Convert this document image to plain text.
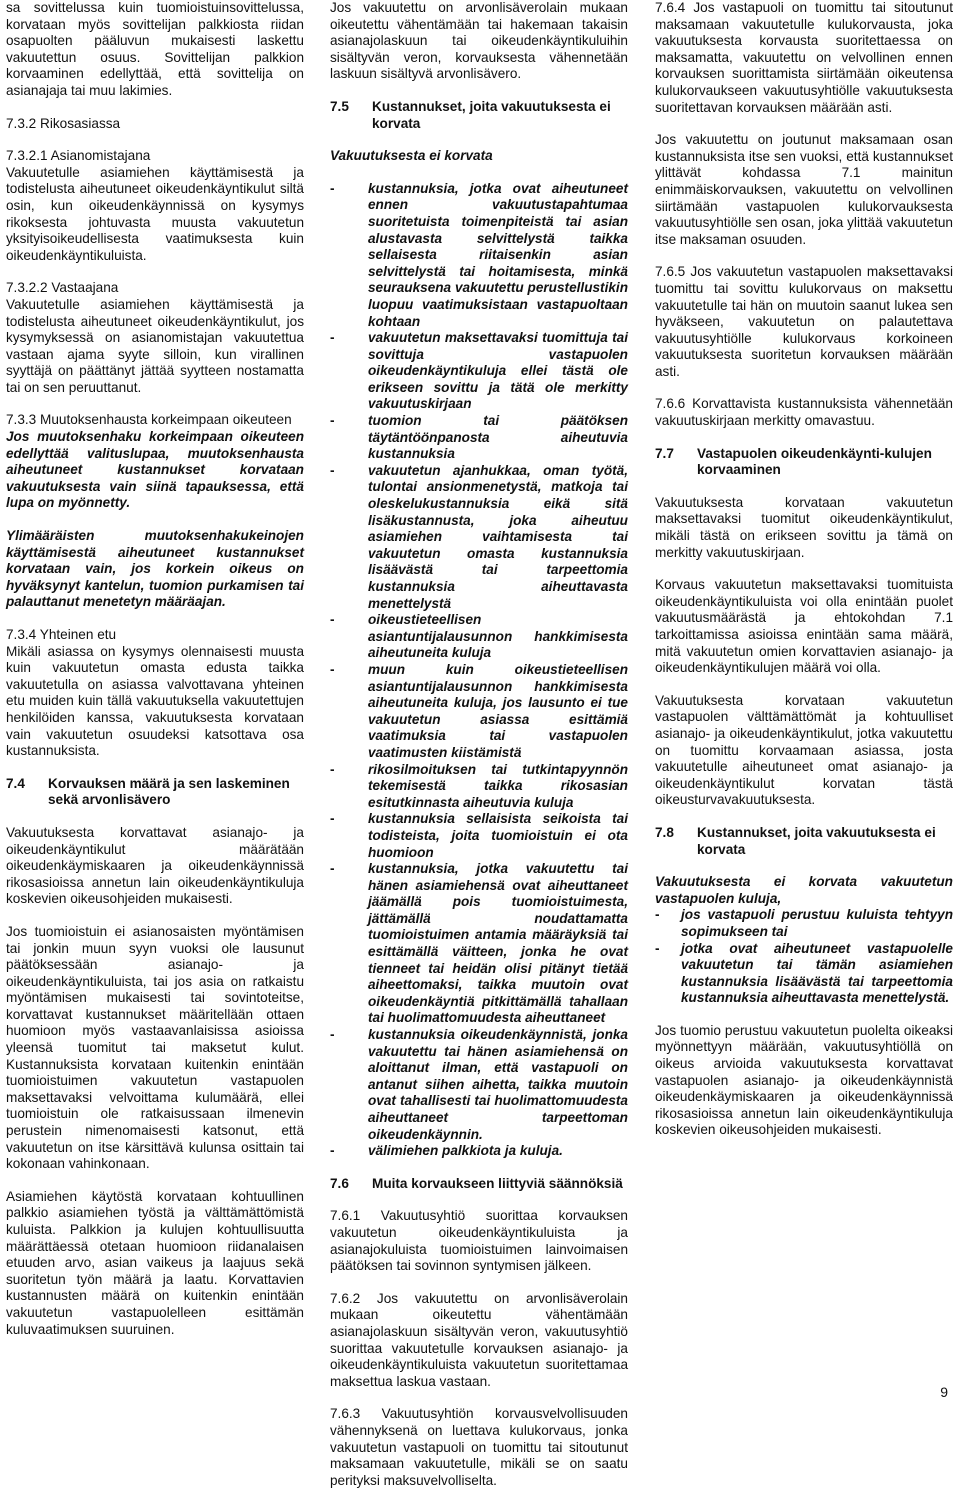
sa sovittelussa kuin tuomioistuinsovittelussa, korvataan myös sovittelijan palkkiosta riidan osapuolten pääluvun mukaisesti laskettu vakuutettun osuus. Sovittelijan palkkion korvaaminen edellyttää, että sovittelija on asianajaja tai muu lakimies.

7.3.2 Rikosasiassa
7.3.2.1 Asianomistajana

Vakuutetulle asiamiehen käyttämisestä ja todistelusta aiheutuneet oikeudenkäyntikulut siltä osin, kun oikeudenkäynnissä on kysymys rikoksesta johtuvasta muusta vakuutetun yksityisoikeudellisesta vaatimuksesta kuin oikeudenkäyntikuluista.

7.3.2.2 Vastaajana

Vakuutetulle asiamiehen käyttämisestä ja todistelusta aiheutuneet oikeudenkäyntikulut, jos kysymyksessä on asianomistajan vakuutettua vastaan ajama syyte silloin, kun virallinen syyttäjä on päättänyt jättää syytteen nostamatta tai on sen peruuttanut.

7.3.3 Muutoksenhausta korkeimpaan oikeuteen

Jos muutoksenhaku korkeimpaan oikeuteen edellyttää valituslupaa, muutoksenhausta aiheutuneet kustannukset korvataan vakuutuksesta vain siinä tapauksessa, että lupa on myönnetty.

Ylimääräisten muutoksenhakukeinojen käyttämisestä aiheutuneet kustannukset korvataan vain, jos korkein oikeus on hyväksynyt kantelun, tuomion purkamisen tai palauttanut menetetyn määräajan.

7.3.4 Yhteinen etu

Mikäli asiassa on kysymys olennaisesti muusta kuin vakuutetun omasta edusta taikka vakuutetulla on asiassa valvottavana yhteinen etu muiden kuin tällä vakuutuksella vakuutettujen henkilöiden kanssa, vakuutuksesta korvataan vain vakuutetun osuudeksi katsottava osa kustannuksista.

7.4	Korvauksen määrä ja sen laskeminen sekä arvonlisävero

Vakuutuksesta korvattavat asianajo- ja oikeudenkäyntikulut määrätään oikeudenkäymiskaaren ja oikeudenkäynnissä rikosasioissa annetun lain oikeudenkäyntikuluja koskevien oikeusohjeiden mukaisesti.

Jos tuomioistuin ei asianosaisten myöntämisen tai jonkin muun syyn vuoksi ole lausunut päätöksessään asianajo- ja oikeudenkäyntikuluista, tai jos asia on ratkaistu myöntämisen mukaisesti tai sovintoteitse, korvattavat kustannukset määritellään ottaen huomioon myös vastaavanlaisissa asioissa yleensä tuomitut tai maksetut kulut. Kustannuksista korvataan kuitenkin enintään tuomioistuimen vakuutetun vastapuolen maksettavaksi velvoittama kulumäärä, ellei tuomioistuin ole ratkaisussaan ilmenevin perustein nimenomaisesti katsonut, että vakuutetun on itse kärsittävä kulunsa osittain tai kokonaan vahinkonaan.

Asiamiehen käytöstä korvataan kohtuullinen palkkio asiamiehen työstä ja välttämättömistä kuluista. Palkkion ja kulujen kohtuullisuutta määrättäessä otetaan huomioon riidanalaisen etuuden arvo, asian vaikeus ja laajuus sekä suoritetun työn määrä ja laatu. Korvattavien kustannusten määrä on kuitenkin enintään vakuutetun vastapuolelleen esittämän kuluvaatimuksen suuruinen.

Jos vakuutettu on arvonlisäverolain mukaan oikeutettu vähentämään tai hakemaan takaisin asianajolaskuun tai oikeudenkäyntikuluihin sisältyvän veron, korvauksesta vähennetään laskuun sisältyvä arvonlisävero.

7.5	Kustannukset, joita vakuutuksesta ei korvata

Vakuutuksesta ei korvata

- kustannuksia, jotka ovat aiheutuneet ennen vakuutustapahtumaa suoritetuista toimenpiteistä tai asian alustavasta selvittelystä taikka sellaisesta riitaisenkin asian selvittelystä tai hoitamisesta, minkä seurauksena vakuutettu perustellustikin luopuu vaatimuksistaan vastapuoltaan kohtaan
- vakuutetun maksettavaksi tuomittuja tai sovittuja vastapuolen oikeudenkäyntikuluja ellei tästä ole erikseen sovittu ja tätä ole merkitty vakuutuskirjaan
- tuomion tai päätöksen täytäntöönpanosta aiheutuvia kustannuksia
- vakuutetun ajanhukkaa, oman työtä, tulontai ansionmenetystä, matkoja tai oleskelukustannuksia eikä sitä lisäkustannusta, joka aiheutuu asiamiehen vaihtamisesta tai vakuutetun omasta kustannuksia lisäävästä tai tarpeettomia kustannuksia aiheuttavasta menettelystä
- oikeustieteellisen asiantuntijalausunnon hankkimisesta aiheutuneita kuluja
- muun kuin oikeustieteellisen asiantuntijalausunnon hankkimisesta aiheutuneita kuluja, jos lausunto ei tue vakuutetun asiassa esittämiä vaatimuksia tai vastapuolen vaatimusten kiistämistä
- rikosilmoituksen tai tutkintapyynnön tekemisestä taikka rikosasian esitutkinnasta aiheutuvia kuluja
- kustannuksia sellaisista seikoista tai todisteista, joita tuomioistuin ei ota huomioon
- kustannuksia, jotka vakuutettu tai hänen asiamiehensä ovat aiheuttaneet jäämällä pois tuomioistuimesta, jättämällä noudattamatta tuomioistuimen antamia määräyksiä tai esittämällä väitteen, jonka he ovat tienneet tai heidän olisi pitänyt tietää aiheettomaksi, taikka muutoin ovat oikeudenkäyntiä pitkittämällä tahallaan tai huolimattomuudesta aiheuttaneet
- kustannuksia oikeudenkäynnistä, jonka vakuutettu tai hänen asiamiehensä on aloittanut ilman, että vastapuoli on antanut siihen aihetta, taikka muutoin ovat tahallisesti tai huolimattomuudesta aiheuttaneet tarpeettoman oikeudenkäynnin.
- välimiehen palkkiota ja kuluja.
7.6	Muita korvaukseen liittyviä säännöksiä

7.6.1 Vakuutusyhtiö suorittaa korvauksen vakuutetun oikeudenkäyntikuluista ja asianajokuluista tuomioistuimen lainvoimaisen päätöksen tai sovinnon syntymisen jälkeen.

7.6.2 Jos vakuutettu on arvonlisäverolain mukaan oikeutettu vähentämään asianajolaskuun sisältyvän veron, vakuutusyhtiö suorittaa vakuutetulle korvauksen asianajo- ja oikeudenkäyntikuluista vakuutetun suoritettamaa maksettua laskua vastaan.

7.6.3 Vakuutusyhtiön korvausvelvollisuuden vähennyksenä on luettava kulukorvaus, jonka vakuutetun vastapuoli on tuomittu tai sitoutunut maksamaan vakuutetulle, mikäli se on saatu perityksi maksuvelvolliselta.

7.6.4 Jos vastapuoli on tuomittu tai sitoutunut maksamaan vakuutetulle kulukorvausta, joka vakuutuksesta korvausta suoritettaessa on maksamatta, vakuutettu on velvollinen ennen korvauksen suorittamista siirtämään oikeutensa kulukorvaukseen vakuutusyhtiölle vakuutuksesta suoritettavan korvauksen määrään asti.

Jos vakuutettu on joutunut maksamaan osan kustannuksista itse sen vuoksi, että kustannukset ylittävät kohdassa 7.1 mainitun enimmäiskorvauksen, vakuutettu on velvollinen siirtämään vastapuolen kulukorvauksesta vakuutusyhtiölle sen osan, joka ylittää vakuutetun itse maksaman osuuden.

7.6.5 Jos vakuutetun vastapuolen maksettavaksi tuomittu tai sovittu kulukorvaus on maksettu vakuutetulle tai hän on muutoin saanut lukea sen hyväkseen, vakuutetun on palautettava vakuutusyhtiölle kulukorvaus korkoineen vakuutuksesta suoritetun korvauksen määrään asti.

7.6.6 Korvattavista kustannuksista vähennetään vakuutuskirjaan merkitty omavastuu.

7.7	Vastapuolen oikeudenkäynti-kulujen korvaaminen

Vakuutuksesta korvataan vakuutetun maksettavaksi tuomitut oikeudenkäyntikulut, mikäli tästä on erikseen sovittu ja tämä on merkitty vakuutuskirjaan.

Korvaus vakuutetun maksettavaksi tuomituista oikeudenkäyntikuluista voi olla enintään puolet vakuutusmäärästä ja ehtokohdan 7.1 tarkoittamissa asioissa enintään sama määrä, mitä vakuutetun omien korvattavien asianajo- ja oikeudenkäyntikulujen määrä voi olla.

Vakuutuksesta korvataan vakuutetun vastapuolen välttämättömät ja kohtuulliset asianajo- ja oikeudenkäyntikulut, jotka vakuutettu on tuomittu korvaamaan asiassa, josta vakuutetulle aiheutuneet omat asianajo- ja oikeudenkäyntikulut korvatan tästä oikeusturvavakuutuksesta.

7.8	Kustannukset, joita vakuutuksesta ei korvata

Vakuutuksesta ei korvata vakuutetun vastapuolen kuluja,

- jos vastapuoli perustuu kuluista tehtyyn sopimukseen tai
- jotka ovat aiheutuneet vastapuolelle vakuutetun tai tämän asiamiehen kustannuksia lisäävästä tai tarpeettomia kustannuksia aiheuttavasta menettelystä.

Jos tuomio perustuu vakuutetun puolelta oikeaksi myönnettyyn määrään, vakuutusyhtiöllä on oikeus arvioida vakuutuksesta korvattavat vastapuolen asianajo- ja oikeudenkäynnistä oikeudenkäymiskaaren ja oikeudenkäynnissä rikosasioissa annetun lain oikeudenkäyntikuluja koskevien oikeusohjeiden mukaisesti.

9
